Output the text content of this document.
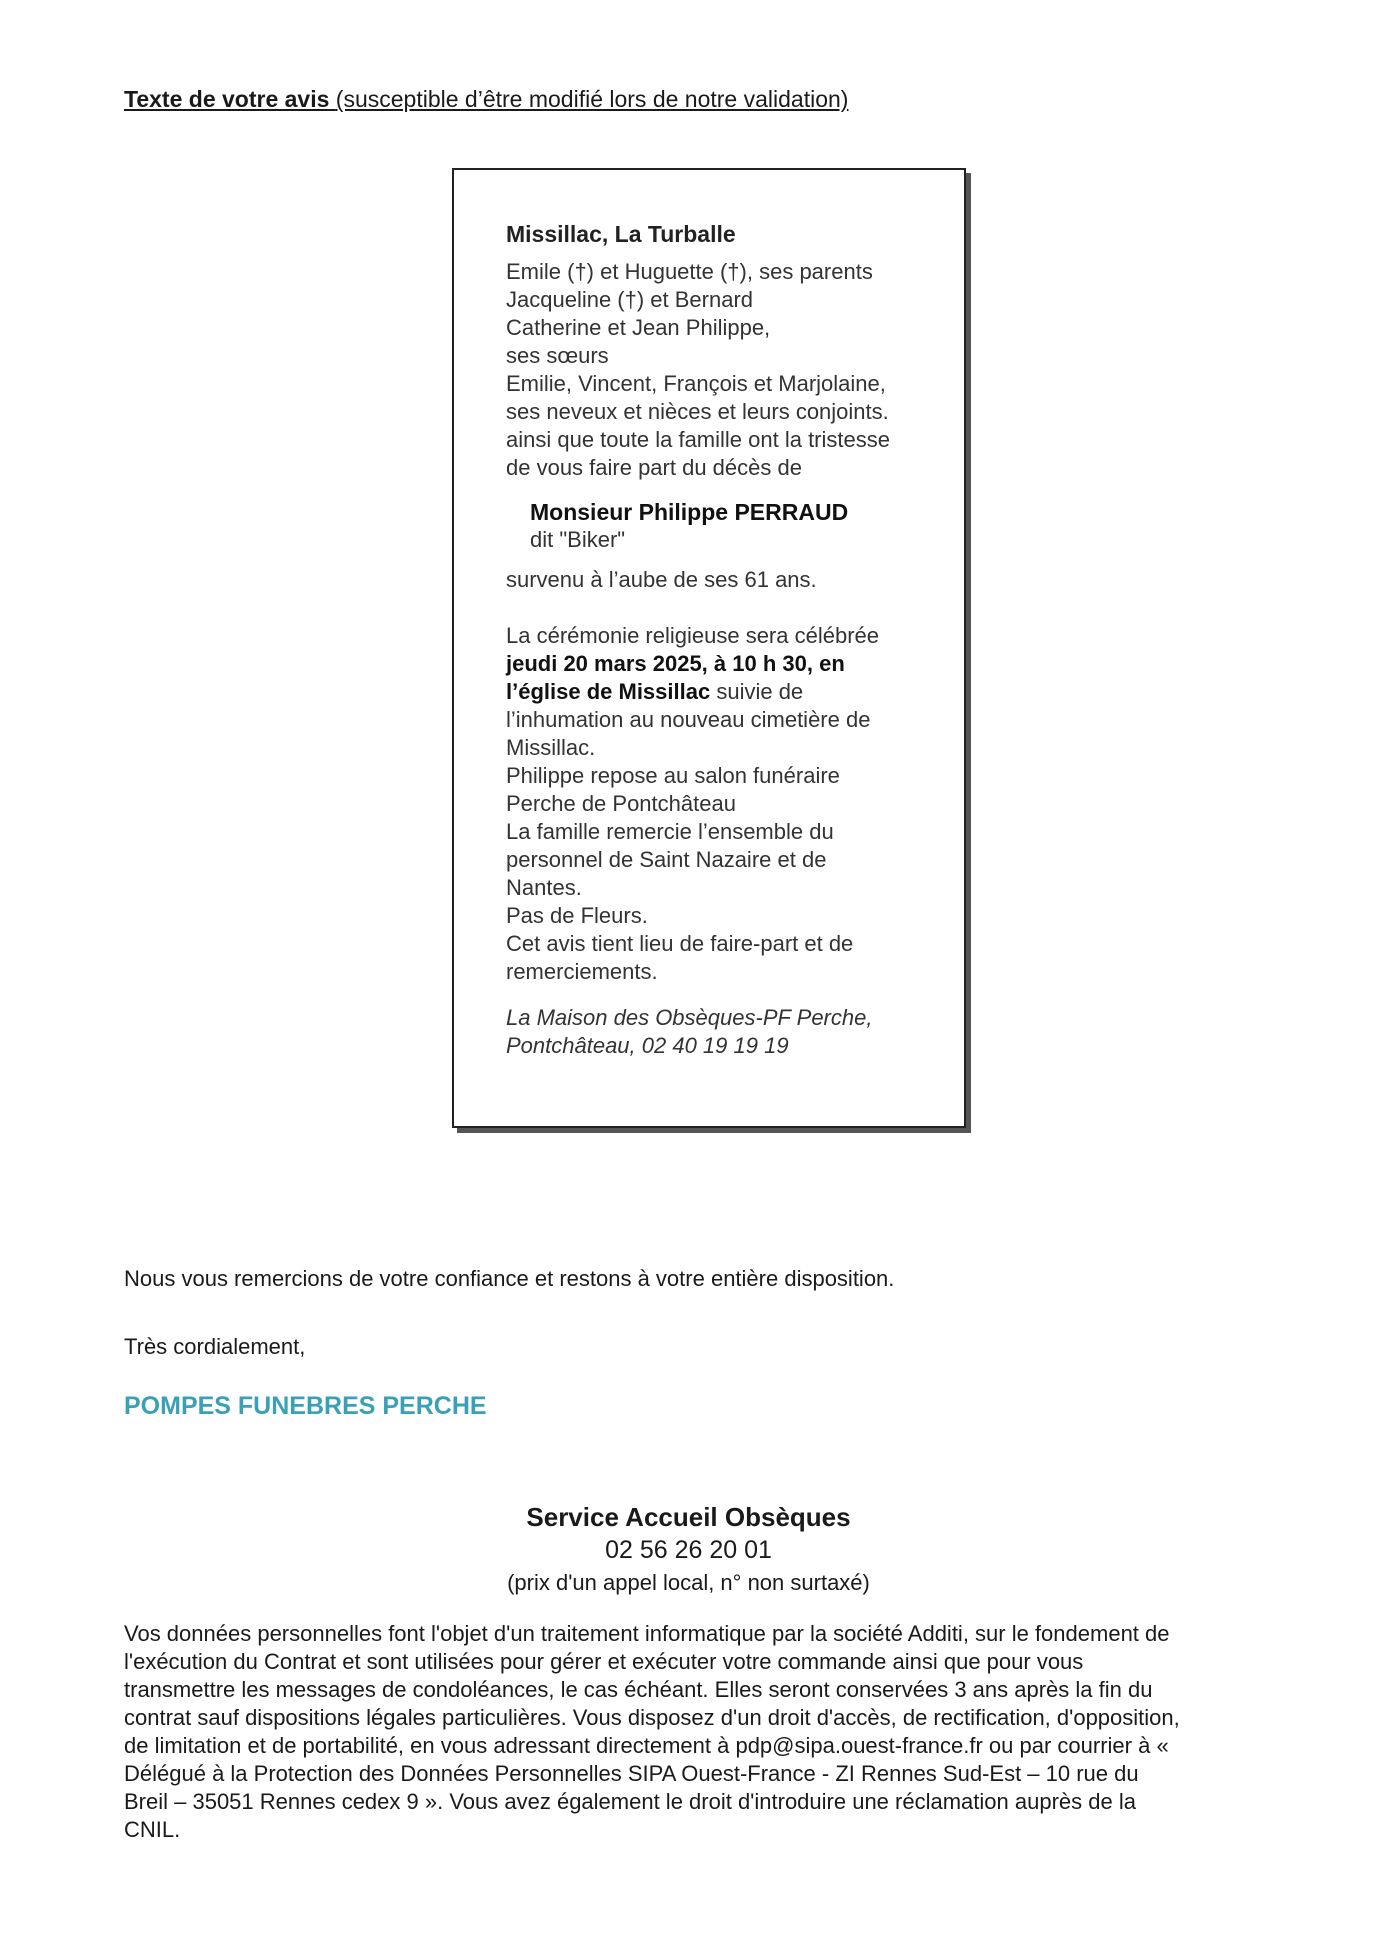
Texte de votre avis (susceptible d’être modifié lors de notre validation)
Missillac, La Turballe
Emile (†) et Huguette (†), ses parents
Jacqueline (†) et Bernard
Catherine et Jean Philippe,
ses sœurs
Emilie, Vincent, François et Marjolaine,
ses neveux et nièces et leurs conjoints.
ainsi que toute la famille ont la tristesse
de vous faire part du décès de
Monsieur Philippe PERRAUD
dit "Biker"
survenu à l’aube de ses 61 ans.
La cérémonie religieuse sera célébrée
jeudi 20 mars 2025, à 10 h 30, en
l’église de Missillac suivie de
l’inhumation au nouveau cimetière de
Missillac.
Philippe repose au salon funéraire
Perche de Pontchâteau
La famille remercie l’ensemble du
personnel de Saint Nazaire et de
Nantes.
Pas de Fleurs.
Cet avis tient lieu de faire-part et de
remerciements.
La Maison des Obsèques-PF Perche,
Pontchâteau, 02 40 19 19 19
Nous vous remercions de votre confiance et restons à votre entière disposition.
Très cordialement,
POMPES FUNEBRES PERCHE
Service Accueil Obsèques
02 56 26 20 01
(prix d'un appel local, n° non surtaxé)
Vos données personnelles font l'objet d'un traitement informatique par la société Additi, sur le fondement de
l'exécution du Contrat et sont utilisées pour gérer et exécuter votre commande ainsi que pour vous
transmettre les messages de condoléances, le cas échéant. Elles seront conservées 3 ans après la fin du
contrat sauf dispositions légales particulières. Vous disposez d'un droit d'accès, de rectification, d'opposition,
de limitation et de portabilité, en vous adressant directement à pdp@sipa.ouest-france.fr ou par courrier à «
Délégué à la Protection des Données Personnelles SIPA Ouest-France - ZI Rennes Sud-Est – 10 rue du
Breil – 35051 Rennes cedex 9 ». Vous avez également le droit d'introduire une réclamation auprès de la
CNIL.
